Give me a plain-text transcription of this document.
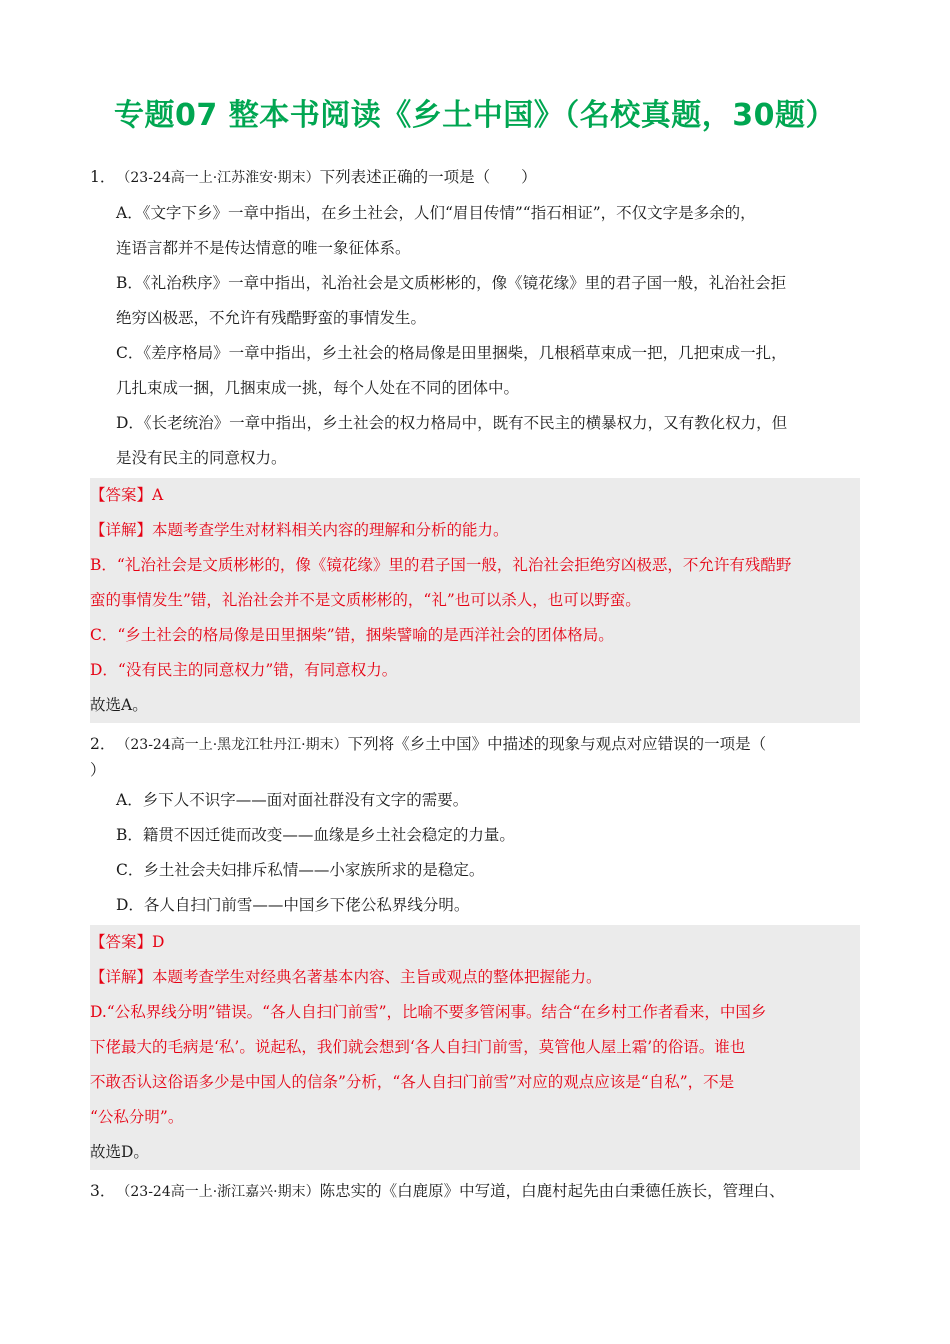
专题07 整本书阅读《乡土中国》（名校真题，30题）
1． （23-24高一上·江苏淮安·期末）下列表述正确的一项是（　　）
A．《文字下乡》一章中指出，在乡土社会，人们“眉目传情”“指石相证”，不仅文字是多余的，
连语言都并不是传达情意的唯一象征体系。
B．《礼治秩序》一章中指出，礼治社会是文质彬彬的，像《镜花缘》里的君子国一般，礼治社会拒
绝穷凶极恶，不允许有残酷野蛮的事情发生。
C．《差序格局》一章中指出，乡土社会的格局像是田里捆柴，几根稻草束成一把，几把束成一扎，
几扎束成一捆，几捆束成一挑，每个人处在不同的团体中。
D．《长老统治》一章中指出，乡土社会的权力格局中，既有不民主的横暴权力，又有教化权力，但
是没有民主的同意权力。
【答案】A
【详解】本题考查学生对材料相关内容的理解和分析的能力。
B．“礼治社会是文质彬彬的，像《镜花缘》里的君子国一般，礼治社会拒绝穷凶极恶，不允许有残酷野
蛮的事情发生”错，礼治社会并不是文质彬彬的，“礼”也可以杀人，也可以野蛮。
C．“乡土社会的格局像是田里捆柴”错，捆柴譬喻的是西洋社会的团体格局。
D．“没有民主的同意权力”错，有同意权力。
故选A。
2． （23-24高一上·黑龙江牡丹江·期末）下列将《乡土中国》中描述的现象与观点对应错误的一项是（
）
A．乡下人不识字——面对面社群没有文字的需要。
B．籍贯不因迁徙而改变——血缘是乡土社会稳定的力量。
C．乡土社会夫妇排斥私情——小家族所求的是稳定。
D．各人自扫门前雪——中国乡下佬公私界线分明。
【答案】D
【详解】本题考查学生对经典名著基本内容、主旨或观点的整体把握能力。
D.“公私界线分明”错误。“各人自扫门前雪”，比喻不要多管闲事。结合“在乡村工作者看来，中国乡
下佬最大的毛病是‘私’。说起私，我们就会想到‘各人自扫门前雪，莫管他人屋上霜’的俗语。谁也
不敢否认这俗语多少是中国人的信条”分析，“各人自扫门前雪”对应的观点应该是“自私”，不是
“公私分明”。
故选D。
3． （23-24高一上·浙江嘉兴·期末）陈忠实的《白鹿原》中写道，白鹿村起先由白秉德任族长，管理白、
